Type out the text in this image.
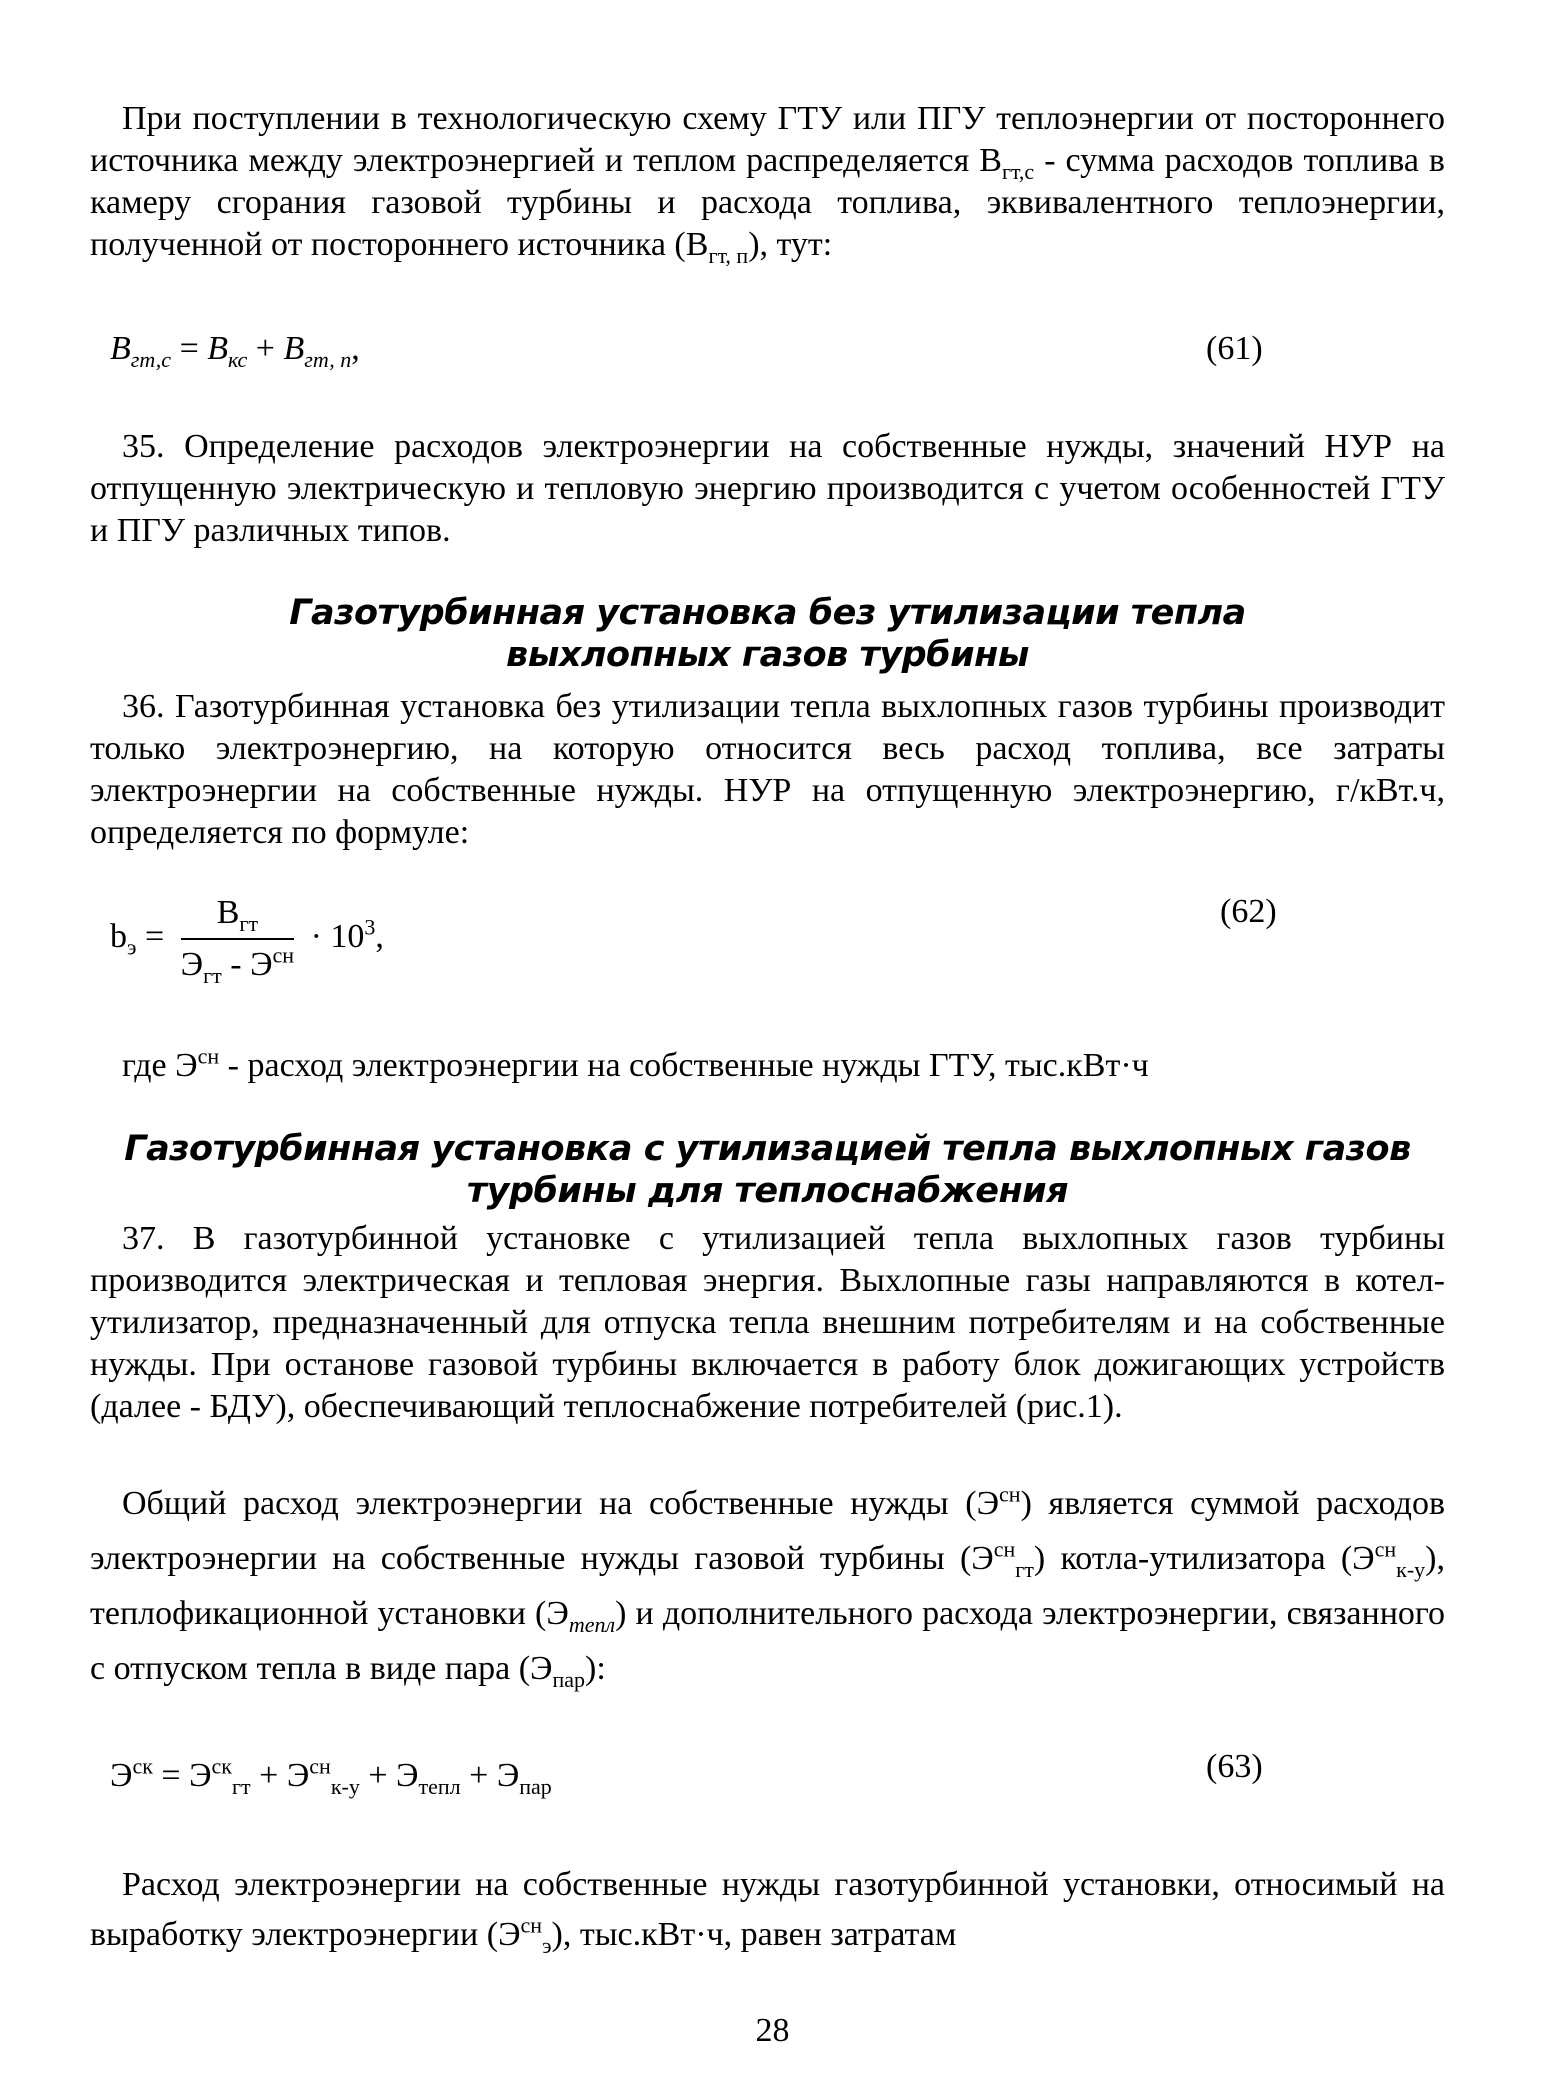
При поступлении в технологическую схему ГТУ или ПГУ теплоэнергии от постороннего источника между электроэнергией и теплом распределяется $В_{гт,с}$ - сумма расходов топлива в камеру сгорания газовой турбины и расхода топлива, эквивалентного теплоэнергии, полученной от постороннего источника $(В_{гт, п})$, тут:

$B_{гт,с} = B_{кс} + B_{гт, п}$,	(61)

35. Определение расходов электроэнергии на собственные нужды, значений НУР на отпущенную электрическую и тепловую энергию производится с учетом особенностей ГТУ и ПГУ различных типов.

Газотурбинная установка без утилизации тепла выхлопных газов турбины

36. Газотурбинная установка без утилизации тепла выхлопных газов турбины производит только электроэнергию, на которую относится весь расход топлива, все затраты электроэнергии на собственные нужды. НУР на отпущенную электроэнергию, г/кВт.ч, определяется по формуле:

$b_э = \frac{В_{гт}}{Э_{гт} - Э^{сн}} \cdot 10^3$,
(62)

где $Э^{сн}$ - расход электроэнергии на собственные нужды ГТУ, тыс.кВт·ч

Газотурбинная установка с утилизацией тепла выхлопных газов турбины для теплоснабжения

37. В газотурбинной установке с утилизацией тепла выхлопных газов турбины производится электрическая и тепловая энергия. Выхлопные газы направляются в котел-утилизатор, предназначенный для отпуска тепла внешним потребителям и на собственные нужды. При останове газовой турбины включается в работу блок дожигающих устройств (далее - БДУ), обеспечивающий теплоснабжение потребителей (рис.1).

Общий расход электроэнергии на собственные нужды $(Э^{сн})$ является суммой расходов электроэнергии на собственные нужды газовой турбины $(Э^{сн}_{гт})$ котла-утилизатора $(Э^{сн}_{к-у})$, теплофикационной установки $(Э_{тепл})$ и дополнительного расхода электроэнергии, связанного с отпуском тепла в виде пара $(Э_{пар})$:

$Э^{ск} = Э^{ск}_{гт} + Э^{сн}_{к-у} + Э_{тепл} + Э_{пар}$
(63)

Расход электроэнергии на собственные нужды газотурбинной установки, относимый на выработку электроэнергии $(Э^{сн}_э)$, тыс.кВт·ч, равен затратам

28
